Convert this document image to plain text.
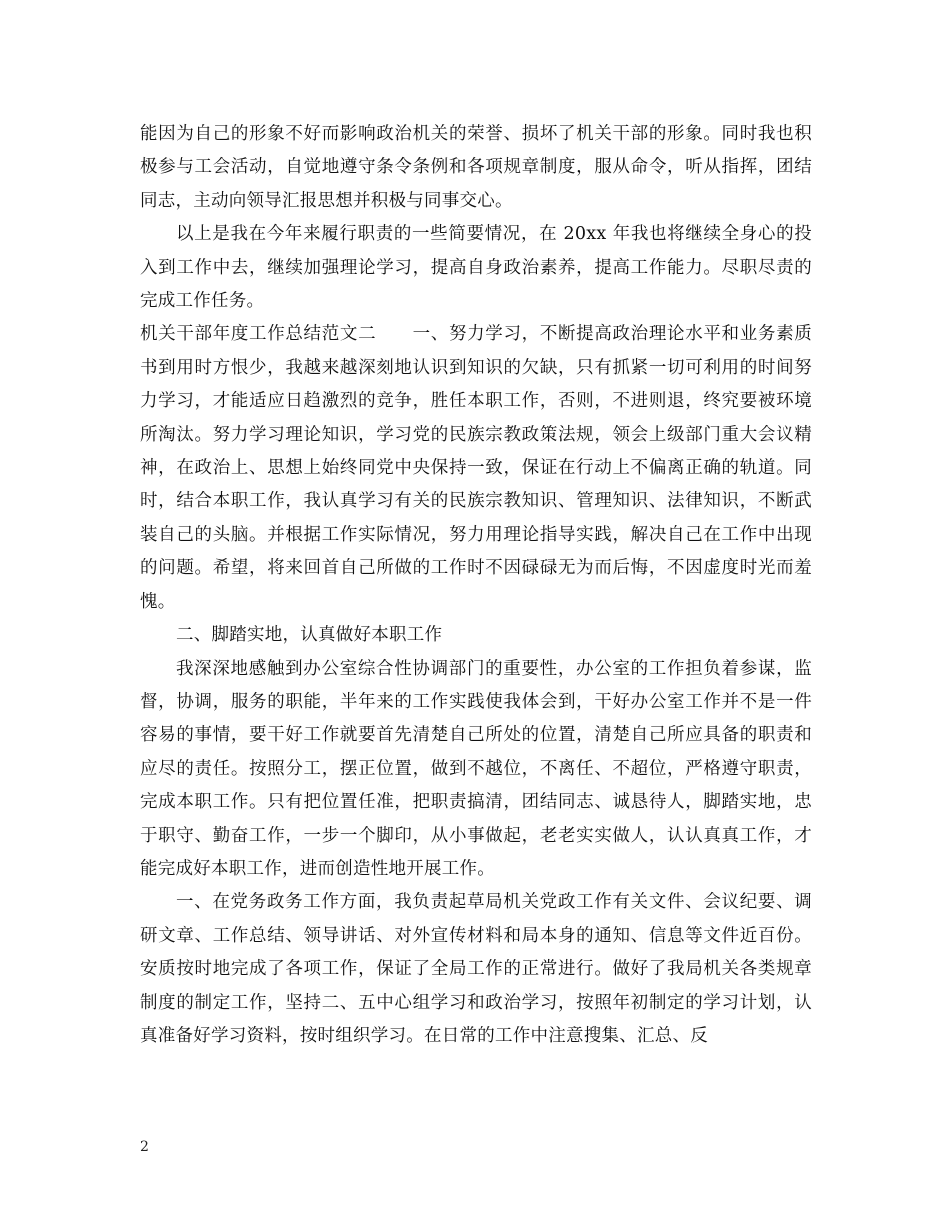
能因为自己的形象不好而影响政治机关的荣誉、损坏了机关干部的形象。同时我也积极参与工会活动，自觉地遵守条令条例和各项规章制度，服从命令，听从指挥，团结同志，主动向领导汇报思想并积极与同事交心。

以上是我在今年来履行职责的一些简要情况，在 20xx 年我也将继续全身心的投入到工作中去，继续加强理论学习，提高自身政治素养，提高工作能力。尽职尽责的完成工作任务。

机关干部年度工作总结范文二　　一、努力学习，不断提高政治理论水平和业务素质书到用时方恨少，我越来越深刻地认识到知识的欠缺，只有抓紧一切可利用的时间努力学习，才能适应日趋激烈的竞争，胜任本职工作，否则，不进则退，终究要被环境所淘汰。努力学习理论知识，学习党的民族宗教政策法规，领会上级部门重大会议精神，在政治上、思想上始终同党中央保持一致，保证在行动上不偏离正确的轨道。同时，结合本职工作，我认真学习有关的民族宗教知识、管理知识、法律知识，不断武装自己的头脑。并根据工作实际情况，努力用理论指导实践，解决自己在工作中出现的问题。希望，将来回首自己所做的工作时不因碌碌无为而后悔，不因虚度时光而羞愧。

二、脚踏实地，认真做好本职工作

我深深地感触到办公室综合性协调部门的重要性，办公室的工作担负着参谋，监督，协调，服务的职能，半年来的工作实践使我体会到，干好办公室工作并不是一件容易的事情，要干好工作就要首先清楚自己所处的位置，清楚自己所应具备的职责和应尽的责任。按照分工，摆正位置，做到不越位，不离任、不超位，严格遵守职责，完成本职工作。只有把位置任准，把职责搞清，团结同志、诚恳待人，脚踏实地，忠于职守、勤奋工作，一步一个脚印，从小事做起，老老实实做人，认认真真工作，才能完成好本职工作，进而创造性地开展工作。

一、在党务政务工作方面，我负责起草局机关党政工作有关文件、会议纪要、调研文章、工作总结、领导讲话、对外宣传材料和局本身的通知、信息等文件近百份。安质按时地完成了各项工作，保证了全局工作的正常进行。做好了我局机关各类规章制度的制定工作，坚持二、五中心组学习和政治学习，按照年初制定的学习计划，认真准备好学习资料，按时组织学习。在日常的工作中注意搜集、汇总、反

2
